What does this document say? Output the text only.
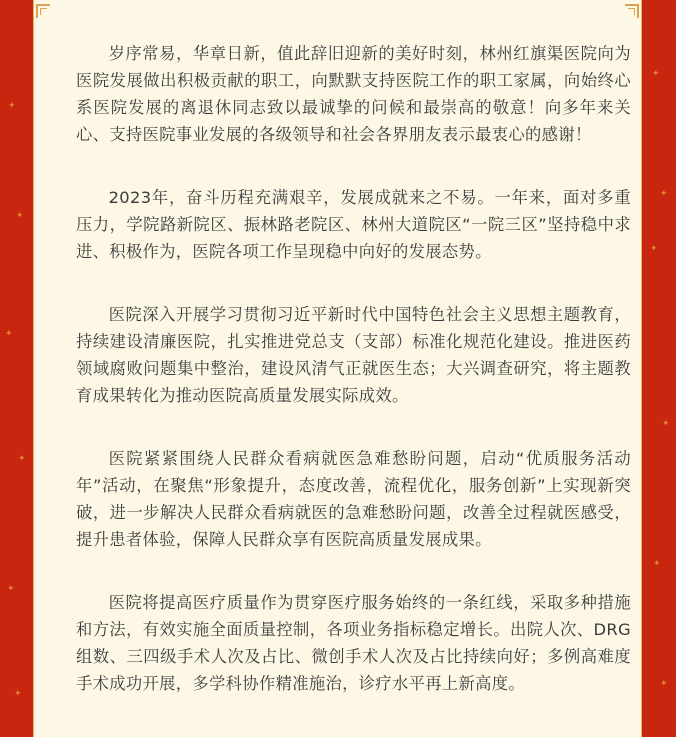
✦
✦
✦
✦
✦
✦
✦
✦
✦
✦
✦
✦

岁序常易，华章日新，值此辞旧迎新的美好时刻，林州红旗渠医院向为医院发展做出积极贡献的职工，向默默支持医院工作的职工家属，向始终心系医院发展的离退休同志致以最诚挚的问候和最崇高的敬意！向多年来关心、支持医院事业发展的各级领导和社会各界朋友表示最衷心的感谢！

2023年，奋斗历程充满艰辛，发展成就来之不易。一年来，面对多重压力，学院路新院区、振林路老院区、林州大道院区“一院三区”坚持稳中求进、积极作为，医院各项工作呈现稳中向好的发展态势。

医院深入开展学习贯彻习近平新时代中国特色社会主义思想主题教育，持续建设清廉医院，扎实推进党总支（支部）标准化规范化建设。推进医药领域腐败问题集中整治，建设风清气正就医生态；大兴调查研究，将主题教育成果转化为推动医院高质量发展实际成效。

医院紧紧围绕人民群众看病就医急难愁盼问题，启动“优质服务活动年”活动，在聚焦“形象提升，态度改善，流程优化，服务创新”上实现新突破，进一步解决人民群众看病就医的急难愁盼问题，改善全过程就医感受，提升患者体验，保障人民群众享有医院高质量发展成果。

医院将提高医疗质量作为贯穿医疗服务始终的一条红线，采取多种措施和方法，有效实施全面质量控制，各项业务指标稳定增长。出院人次、DRG组数、三四级手术人次及占比、微创手术人次及占比持续向好；多例高难度手术成功开展，多学科协作精准施治，诊疗水平再上新高度。
